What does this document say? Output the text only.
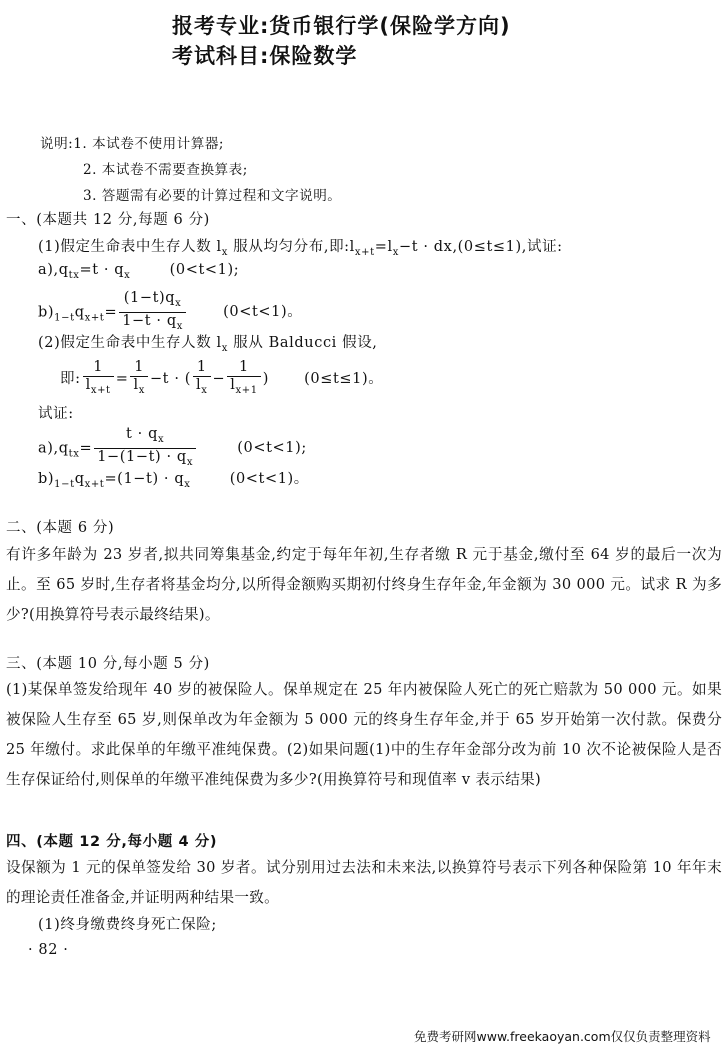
报考专业:货币银行学(保险学方向)
考试科目:保险数学
说明:1. 本试卷不使用计算器;
2. 本试卷不需要查换算表;
3. 答题需有必要的计算过程和文字说明。
一、(本题共 12 分,每题 6 分)
(1)假定生命表中生存人数 $l_x$ 服从均匀分布,即$:l_{x+t}=l_x-t \cdot dx,(0\le t\le 1)$,试证:
$a),q_{tx}=t \cdot q_x$	(0<t<1);
$b)_{1-t}q_{x+t}= \frac{(1-t)q_x}{1-t \cdot q_x}$	(0<t<1)。
(2)假定生命表中生存人数 $l_x$ 服从 Balducci 假设,
即: $\frac{1}{l_{x+t}} = \frac{1}{l_x} -t$ · ( $\frac{1}{l_x} - \frac{1}{l_{x+1}}$ ) (0≤t≤1)。
试证:
$a),q_{tx}= \frac{t \cdot q_x}{1-(1-t) \cdot q_x}$	(0<t<1);
$b)_{1-t}q_{x+t}=(1-t) \cdot q_x$	(0<t<1)。
二、(本题 6 分)
有许多年龄为 23 岁者,拟共同筹集基金,约定于每年年初,生存者缴 R 元于基金,缴付至 64 岁的最后一次为止。至 65 岁时,生存者将基金均分,以所得金额购买期初付终身生存年金,年金额为 30 000 元。试求 R 为多少?(用换算符号表示最终结果)。
三、(本题 10 分,每小题 5 分)
(1)某保单签发给现年 40 岁的被保险人。保单规定在 25 年内被保险人死亡的死亡赔款为 50 000 元。如果被保险人生存至 65 岁,则保单改为年金额为 5 000 元的终身生存年金,并于 65 岁开始第一次付款。保费分 25 年缴付。求此保单的年缴平准纯保费。(2)如果问题(1)中的生存年金部分改为前 10 次不论被保险人是否生存保证给付,则保单的年缴平准纯保费为多少?(用换算符号和现值率 v 表示结果)
四、(本题 12 分,每小题 4 分)
设保额为 1 元的保单签发给 30 岁者。试分别用过去法和未来法,以换算符号表示下列各种保险第 10 年年末的理论责任准备金,并证明两种结果一致。
(1)终身缴费终身死亡保险;
· 82 ·
免费考研网www.freekaoyan.com仅仅负责整理资料
